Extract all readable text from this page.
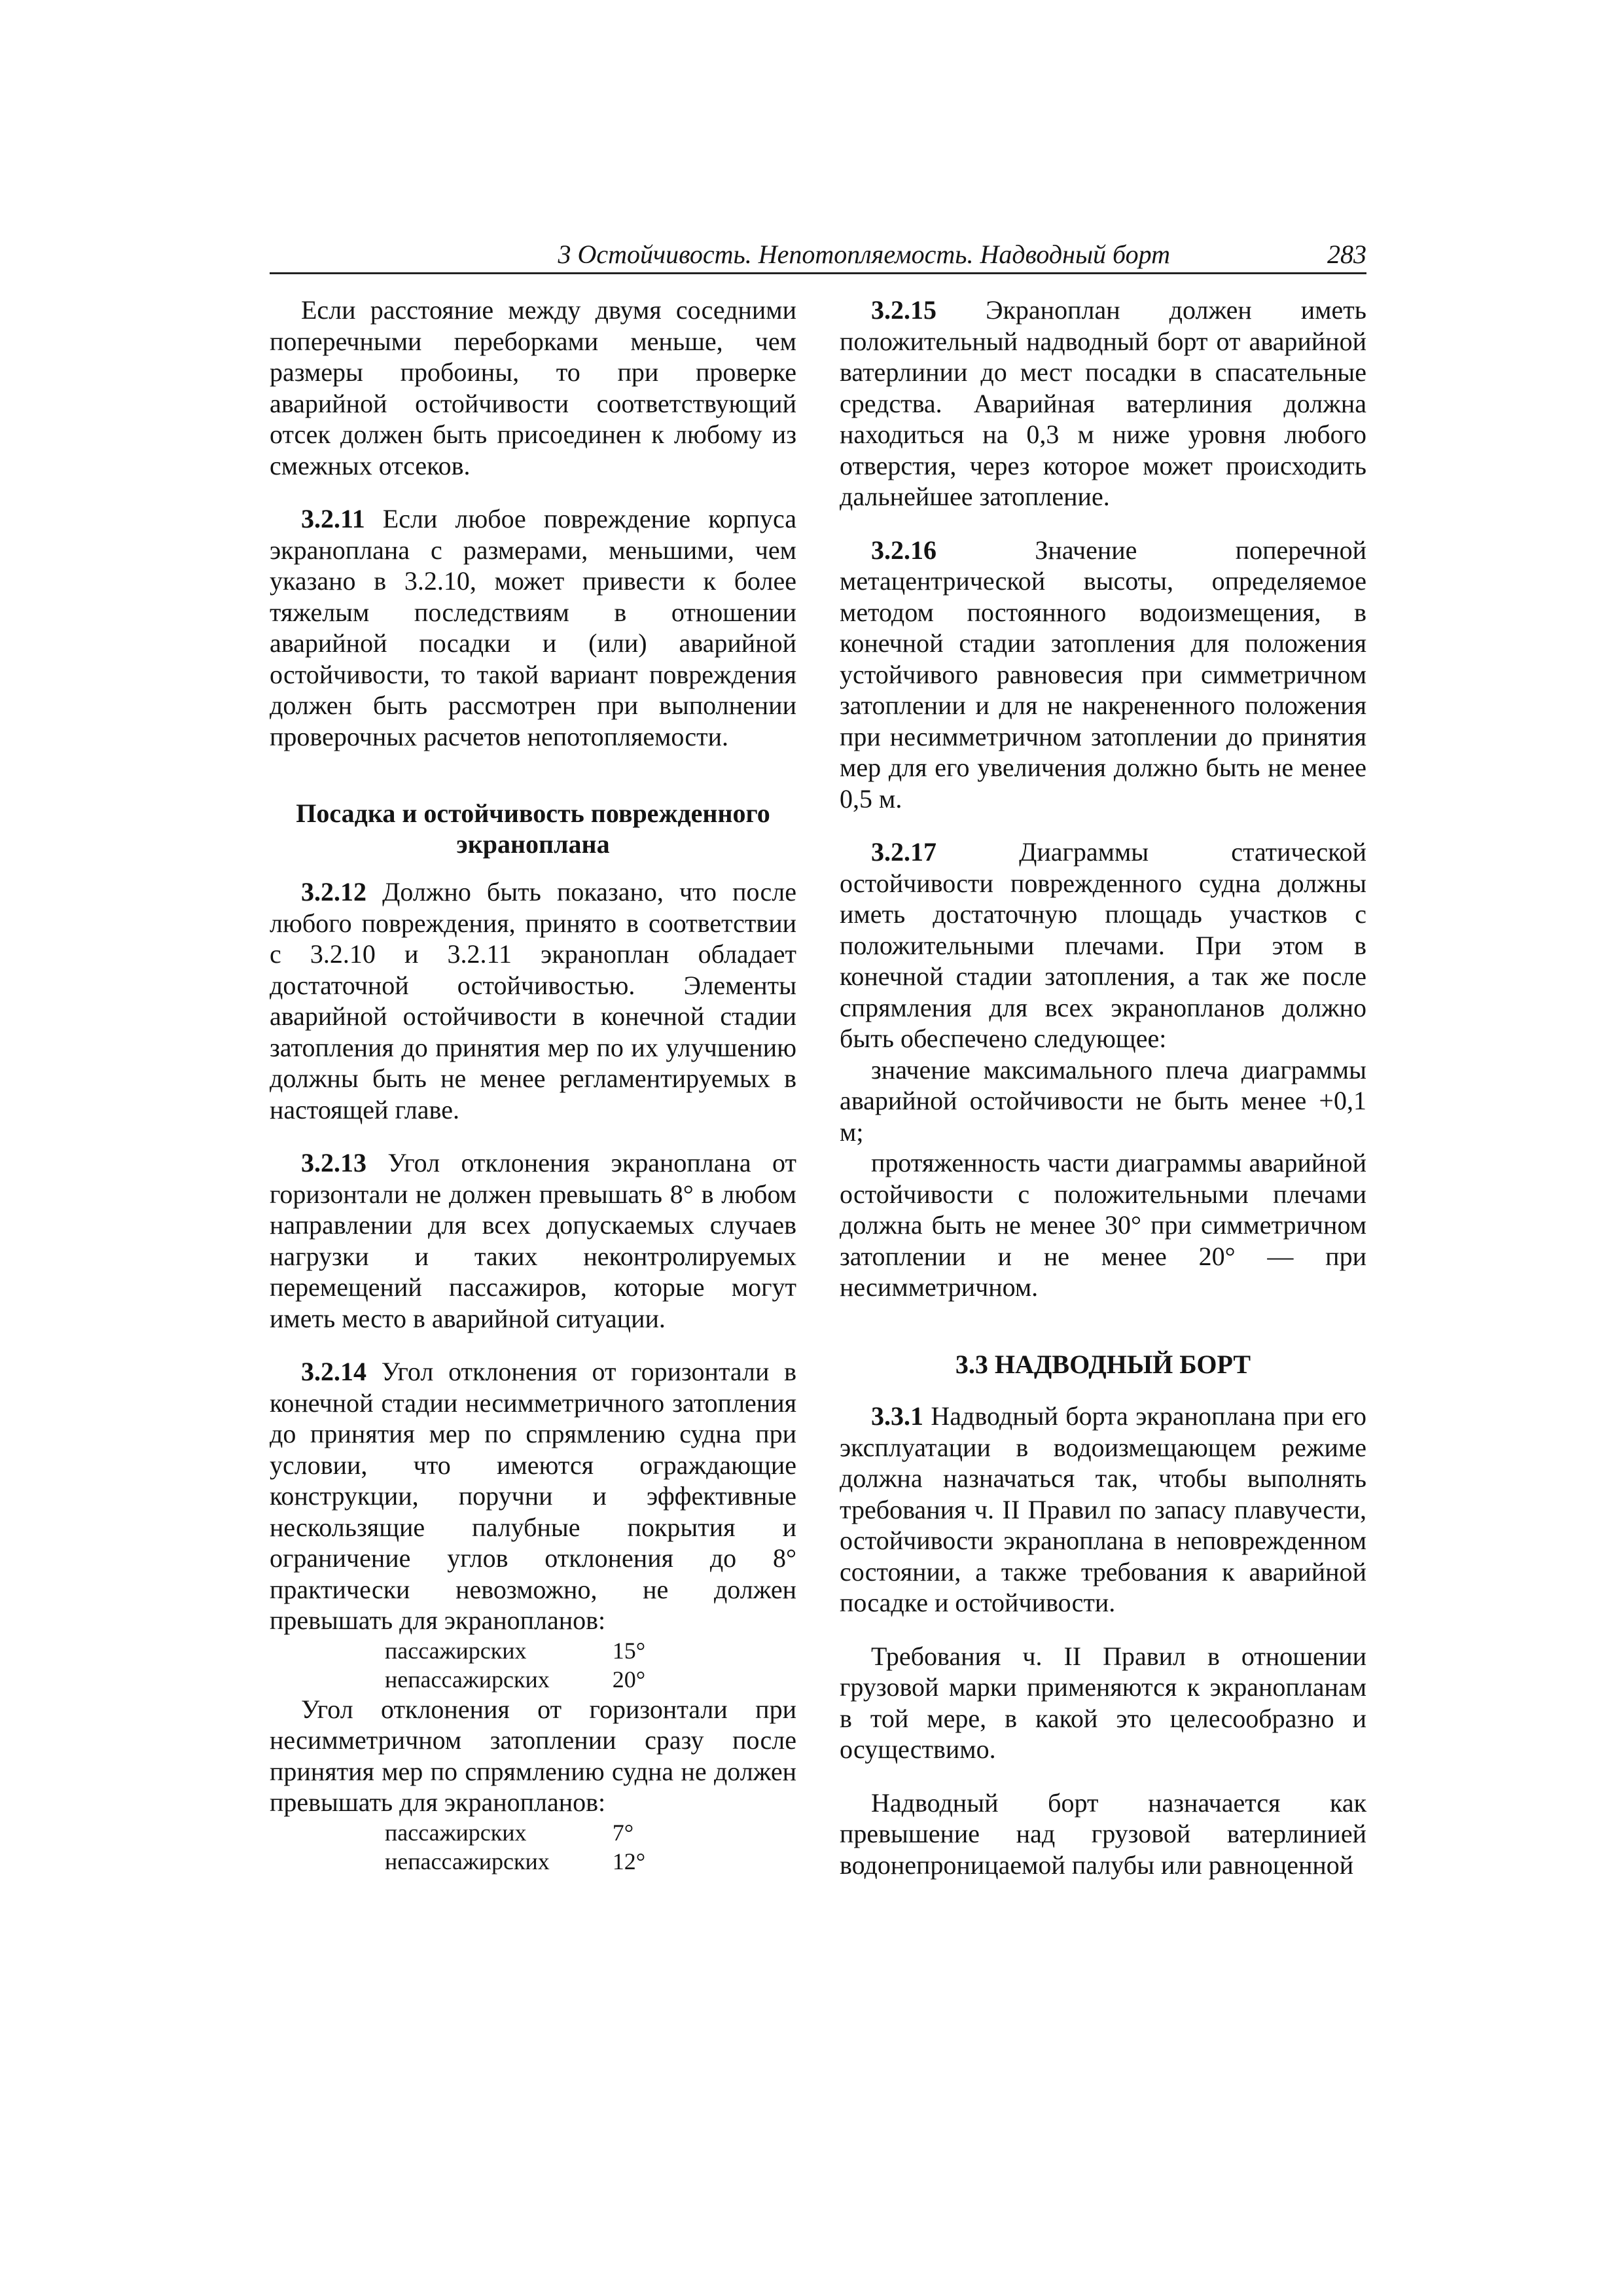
3 Остойчивость. Непотопляемость. Надводный борт	283

Если расстояние между двумя соседними поперечными переборками меньше, чем размеры пробоины, то при проверке аварийной остойчивости соответствующий отсек должен быть присоединен к любому из смежных отсеков.

3.2.11 Если любое повреждение корпуса экраноплана с размерами, меньшими, чем указано в 3.2.10, может привести к более тяжелым последствиям в отношении аварийной посадки и (или) аварийной остойчивости, то такой вариант повреждения должен быть рассмотрен при выполнении проверочных расчетов непотопляемости.

Посадка и остойчивость поврежденного экраноплана

3.2.12 Должно быть показано, что после любого повреждения, принято в соответствии с 3.2.10 и 3.2.11 экраноплан обладает достаточной остойчивостью. Элементы аварийной остойчивости в конечной стадии затопления до принятия мер по их улучшению должны быть не менее регламентируемых в настоящей главе.

3.2.13 Угол отклонения экраноплана от горизонтали не должен превышать 8° в любом направлении для всех допускаемых случаев нагрузки и таких неконтролируемых перемещений пассажиров, которые могут иметь место в аварийной ситуации.

3.2.14 Угол отклонения от горизонтали в конечной стадии несимметричного затопления до принятия мер по спрямлению судна при условии, что имеются ограждающие конструкции, поручни и эффективные нескользящие палубные покрытия и ограничение углов отклонения до 8° практически невозможно, не должен превышать для экранопланов:

пассажирских	15°
непассажирских	20°

Угол отклонения от горизонтали при несимметричном затоплении сразу после принятия мер по спрямлению судна не должен превышать для экранопланов:

пассажирских	7°
непассажирских	12°

3.2.15 Экраноплан должен иметь положительный надводный борт от аварийной ватерлинии до мест посадки в спасательные средства. Аварийная ватерлиния должна находиться на 0,3 м ниже уровня любого отверстия, через которое может происходить дальнейшее затопление.

3.2.16 Значение поперечной метацентрической высоты, определяемое методом постоянного водоизмещения, в конечной стадии затопления для положения устойчивого равновесия при симметричном затоплении и для не накрененного положения при несимметричном затоплении до принятия мер для его увеличения должно быть не менее 0,5 м.

3.2.17 Диаграммы статической остойчивости поврежденного судна должны иметь достаточную площадь участков с положительными плечами. При этом в конечной стадии затопления, а так же после спрямления для всех экранопланов должно быть обеспечено следующее:

значение максимального плеча диаграммы аварийной остойчивости не быть менее +0,1 м;

протяженность части диаграммы аварийной остойчивости с положительными плечами должна быть не менее 30° при симметричном затоплении и не менее 20° — при несимметричном.

3.3 НАДВОДНЫЙ БОРТ

3.3.1 Надводный борта экраноплана при его эксплуатации в водоизмещающем режиме должна назначаться так, чтобы выполнять требования ч. II Правил по запасу плавучести, остойчивости экраноплана в неповрежденном состоянии, а также требования к аварийной посадке и остойчивости.

Требования ч. II Правил в отношении грузовой марки применяются к экранопланам в той мере, в какой это целесообразно и осуществимо.

Надводный борт назначается как превышение над грузовой ватерлинией водонепроницаемой палубы или равноценной
